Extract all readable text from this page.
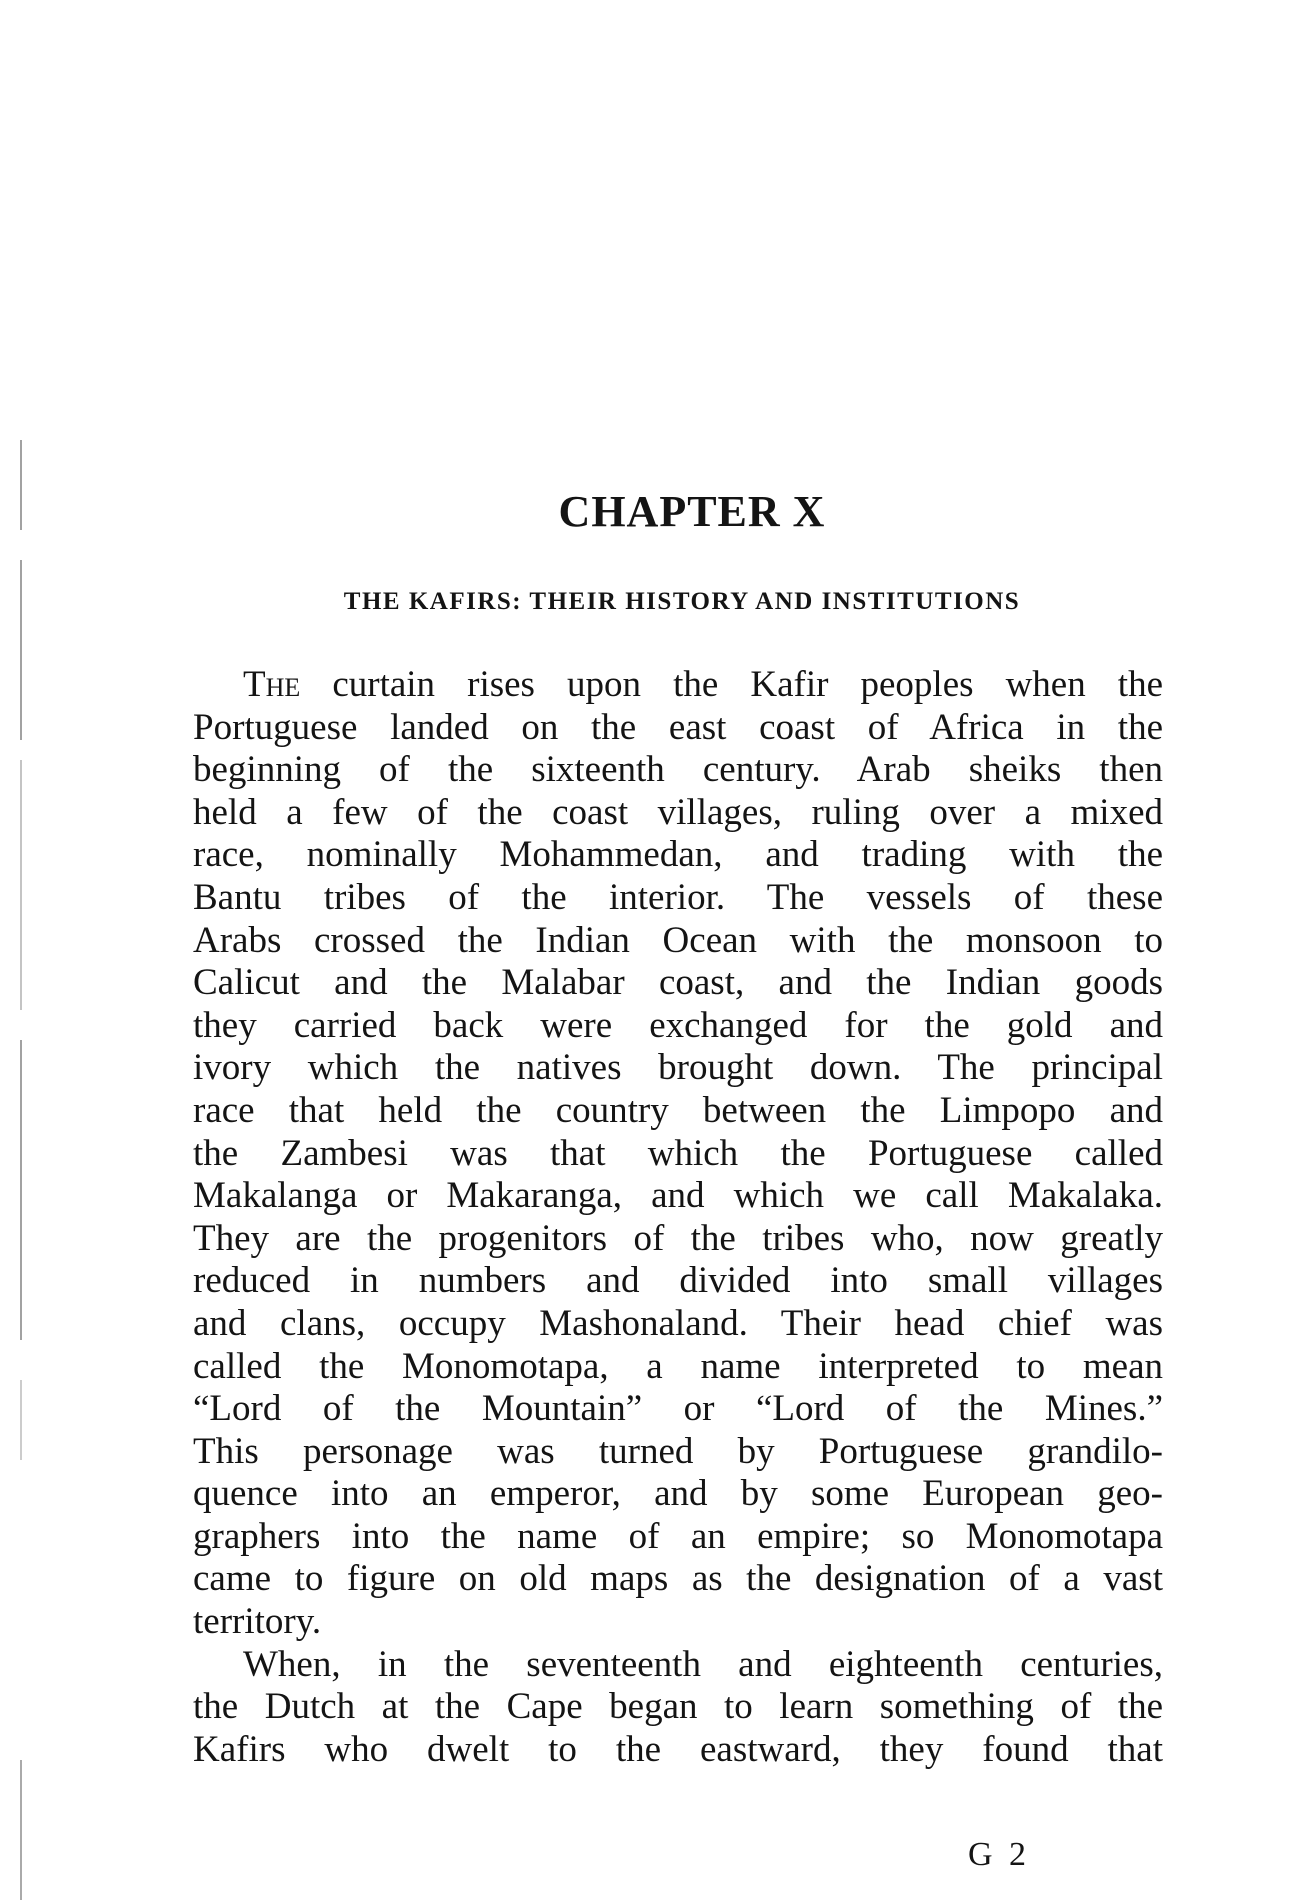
CHAPTER X
THE KAFIRS: THEIR HISTORY AND INSTITUTIONS
The curtain rises upon the Kafir peoples when the
Portuguese landed on the east coast of Africa in the
beginning of the sixteenth century. Arab sheiks then
held a few of the coast villages, ruling over a mixed
race, nominally Mohammedan, and trading with the
Bantu tribes of the interior. The vessels of these
Arabs crossed the Indian Ocean with the monsoon to
Calicut and the Malabar coast, and the Indian goods
they carried back were exchanged for the gold and
ivory which the natives brought down. The principal
race that held the country between the Limpopo and
the Zambesi was that which the Portuguese called
Makalanga or Makaranga, and which we call Makalaka.
They are the progenitors of the tribes who, now greatly
reduced in numbers and divided into small villages
and clans, occupy Mashonaland. Their head chief was
called the Monomotapa, a name interpreted to mean
“Lord of the Mountain” or “Lord of the Mines.”
This personage was turned by Portuguese grandilo-
quence into an emperor, and by some European geo-
graphers into the name of an empire; so Monomotapa
came to figure on old maps as the designation of a vast
territory.
When, in the seventeenth and eighteenth centuries,
the Dutch at the Cape began to learn something of the
Kafirs who dwelt to the eastward, they found that
G 2
